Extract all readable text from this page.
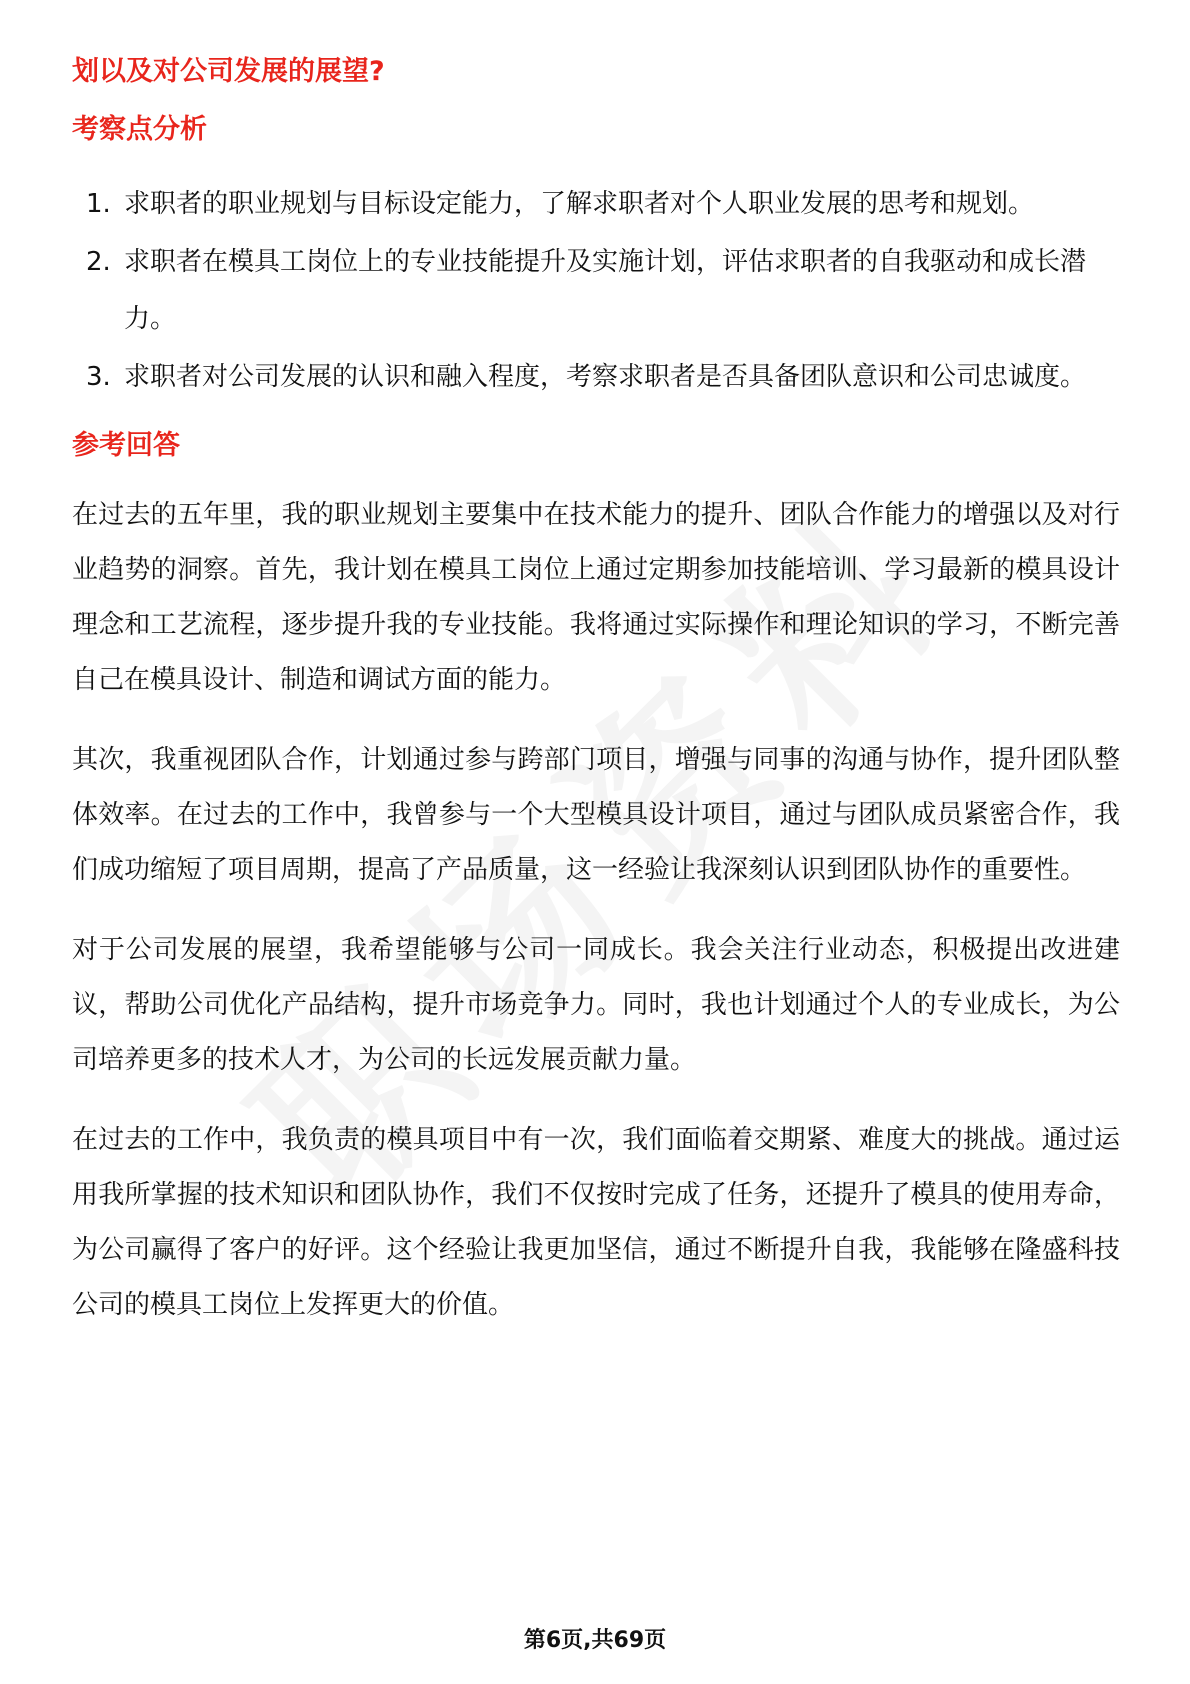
划以及对公司发展的展望?

考察点分析
1. 求职者的职业规划与目标设定能力，了解求职者对个人职业发展的思考和规划。
2. 求职者在模具工岗位上的专业技能提升及实施计划，评估求职者的自我驱动和成长潜力。
3. 求职者对公司发展的认识和融入程度，考察求职者是否具备团队意识和公司忠诚度。
参考回答

在过去的五年里，我的职业规划主要集中在技术能力的提升、团队合作能力的增强以及对行业趋势的洞察。首先，我计划在模具工岗位上通过定期参加技能培训、学习最新的模具设计理念和工艺流程，逐步提升我的专业技能。我将通过实际操作和理论知识的学习，不断完善自己在模具设计、制造和调试方面的能力。

其次，我重视团队合作，计划通过参与跨部门项目，增强与同事的沟通与协作，提升团队整体效率。在过去的工作中，我曾参与一个大型模具设计项目，通过与团队成员紧密合作，我们成功缩短了项目周期，提高了产品质量，这一经验让我深刻认识到团队协作的重要性。

对于公司发展的展望，我希望能够与公司一同成长。我会关注行业动态，积极提出改进建议，帮助公司优化产品结构，提升市场竞争力。同时，我也计划通过个人的专业成长，为公司培养更多的技术人才，为公司的长远发展贡献力量。

在过去的工作中，我负责的模具项目中有一次，我们面临着交期紧、难度大的挑战。通过运用我所掌握的技术知识和团队协作，我们不仅按时完成了任务，还提升了模具的使用寿命，为公司赢得了客户的好评。这个经验让我更加坚信，通过不断提升自我，我能够在隆盛科技公司的模具工岗位上发挥更大的价值。

第6页,共69页
